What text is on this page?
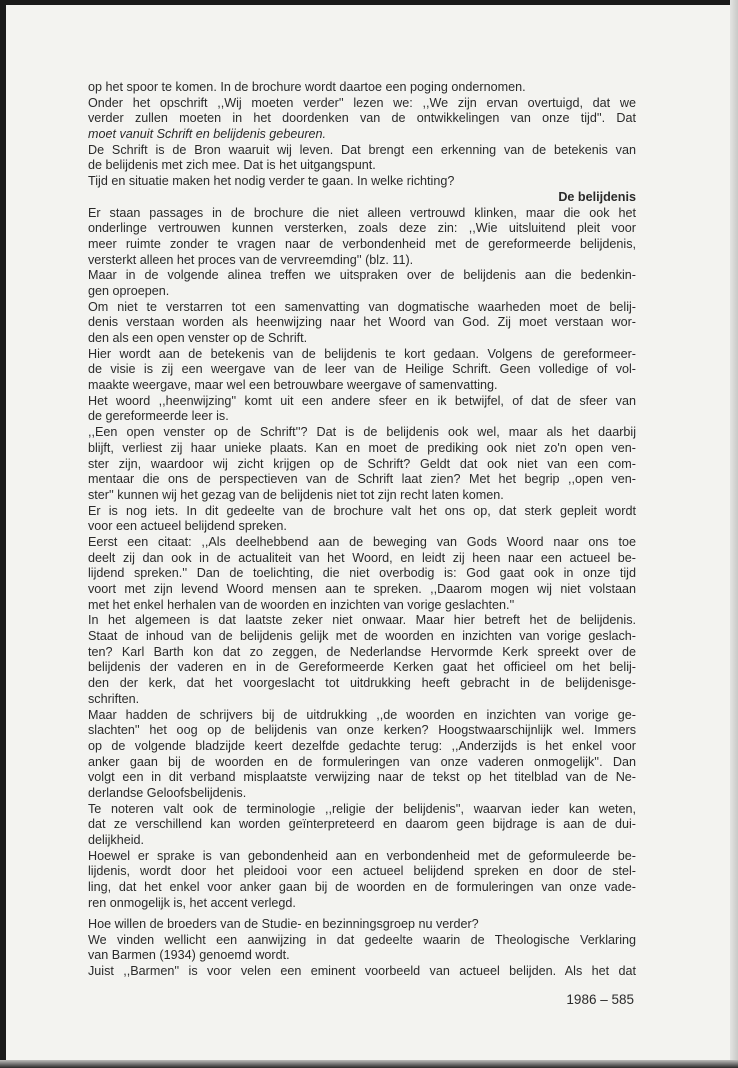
op het spoor te komen. In de brochure wordt daartoe een poging ondernomen.
Onder het opschrift ,,Wij moeten verder'' lezen we: ,,We zijn ervan overtuigd, dat we
verder zullen moeten in het doordenken van de ontwikkelingen van onze tijd''. Dat
moet vanuit Schrift en belijdenis gebeuren.
De Schrift is de Bron waaruit wij leven. Dat brengt een erkenning van de betekenis van
de belijdenis met zich mee. Dat is het uitgangspunt.
Tijd en situatie maken het nodig verder te gaan. In welke richting?
De belijdenis
Er staan passages in de brochure die niet alleen vertrouwd klinken, maar die ook het
onderlinge vertrouwen kunnen versterken, zoals deze zin: ,,Wie uitsluitend pleit voor
meer ruimte zonder te vragen naar de verbondenheid met de gereformeerde belijdenis,
versterkt alleen het proces van de vervreemding'' (blz. 11).
Maar in de volgende alinea treffen we uitspraken over de belijdenis aan die bedenkin-
gen oproepen.
Om niet te verstarren tot een samenvatting van dogmatische waarheden moet de belij-
denis verstaan worden als heenwijzing naar het Woord van God. Zij moet verstaan wor-
den als een open venster op de Schrift.
Hier wordt aan de betekenis van de belijdenis te kort gedaan. Volgens de gereformeer-
de visie is zij een weergave van de leer van de Heilige Schrift. Geen volledige of vol-
maakte weergave, maar wel een betrouwbare weergave of samenvatting.
Het woord ,,heenwijzing'' komt uit een andere sfeer en ik betwijfel, of dat de sfeer van
de gereformeerde leer is.
,,Een open venster op de Schrift''? Dat is de belijdenis ook wel, maar als het daarbij
blijft, verliest zij haar unieke plaats. Kan en moet de prediking ook niet zo'n open ven-
ster zijn, waardoor wij zicht krijgen op de Schrift? Geldt dat ook niet van een com-
mentaar die ons de perspectieven van de Schrift laat zien? Met het begrip ,,open ven-
ster'' kunnen wij het gezag van de belijdenis niet tot zijn recht laten komen.
Er is nog iets. In dit gedeelte van de brochure valt het ons op, dat sterk gepleit wordt
voor een actueel belijdend spreken.
Eerst een citaat: ,,Als deelhebbend aan de beweging van Gods Woord naar ons toe
deelt zij dan ook in de actualiteit van het Woord, en leidt zij heen naar een actueel be-
lijdend spreken.'' Dan de toelichting, die niet overbodig is: God gaat ook in onze tijd
voort met zijn levend Woord mensen aan te spreken. ,,Daarom mogen wij niet volstaan
met het enkel herhalen van de woorden en inzichten van vorige geslachten.''
In het algemeen is dat laatste zeker niet onwaar. Maar hier betreft het de belijdenis.
Staat de inhoud van de belijdenis gelijk met de woorden en inzichten van vorige geslach-
ten? Karl Barth kon dat zo zeggen, de Nederlandse Hervormde Kerk spreekt over de
belijdenis der vaderen en in de Gereformeerde Kerken gaat het officieel om het belij-
den der kerk, dat het voorgeslacht tot uitdrukking heeft gebracht in de belijdenisge-
schriften.
Maar hadden de schrijvers bij de uitdrukking ,,de woorden en inzichten van vorige ge-
slachten'' het oog op de belijdenis van onze kerken? Hoogstwaarschijnlijk wel. Immers
op de volgende bladzijde keert dezelfde gedachte terug: ,,Anderzijds is het enkel voor
anker gaan bij de woorden en de formuleringen van onze vaderen onmogelijk''. Dan
volgt een in dit verband misplaatste verwijzing naar de tekst op het titelblad van de Ne-
derlandse Geloofsbelijdenis.
Te noteren valt ook de terminologie ,,religie der belijdenis'', waarvan ieder kan weten,
dat ze verschillend kan worden geïnterpreteerd en daarom geen bijdrage is aan de dui-
delijkheid.
Hoewel er sprake is van gebondenheid aan en verbondenheid met de geformuleerde be-
lijdenis, wordt door het pleidooi voor een actueel belijdend spreken en door de stel-
ling, dat het enkel voor anker gaan bij de woorden en de formuleringen van onze vade-
ren onmogelijk is, het accent verlegd.
Hoe willen de broeders van de Studie- en bezinningsgroep nu verder?
We vinden wellicht een aanwijzing in dat gedeelte waarin de Theologische Verklaring
van Barmen (1934) genoemd wordt.
Juist ,,Barmen'' is voor velen een eminent voorbeeld van actueel belijden. Als het dat
1986 – 585
